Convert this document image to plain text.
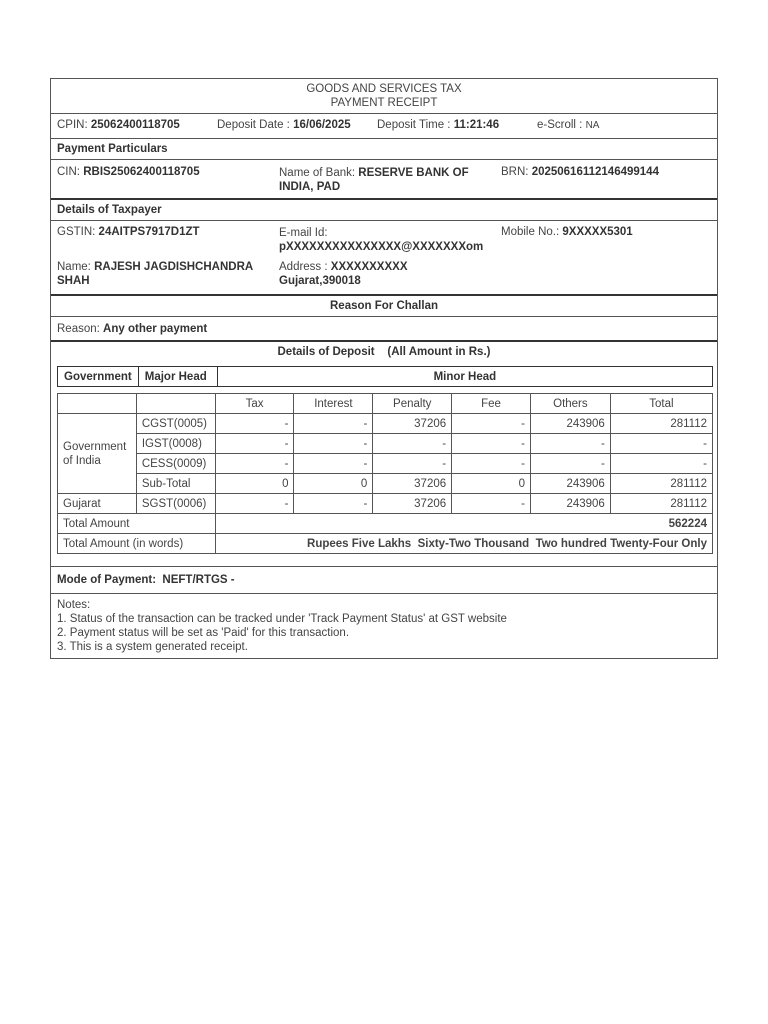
GOODS AND SERVICES TAX
PAYMENT RECEIPT
CPIN: 25062400118705	Deposit Date : 16/06/2025 Deposit Time : 11:21:46	e-Scroll : NA
Payment Particulars
CIN: RBIS25062400118705	Name of Bank: RESERVE BANK OF
INDIA, PAD
BRN: 20250616112146499144
Details of Taxpayer
GSTIN: 24AITPS7917D1ZT	E-mail Id:
pXXXXXXXXXXXXXXX@XXXXXXXom
Mobile No.: 9XXXXX5301
Name: RAJESH JAGDISHCHANDRA
SHAH
Address : XXXXXXXXXX
Gujarat,390018
Reason For Challan
Reason: Any other payment
Details of Deposit    (All Amount in Rs.)
Government	Major Head	Minor Head
		Tax	Interest	Penalty	Fee	Others	Total
Government of India	CGST(0005)	-	-	37206	-	243906	281112
	IGST(0008)	-	-	-	-	-	-
	CESS(0009)	-	-	-	-	-	-
	Sub-Total	0	0	37206	0	243906	281112
Gujarat	SGST(0006)	-	-	37206	-	243906	281112
Total Amount		562224					
Total Amount (in words)		Rupees Five Lakhs  Sixty-Two Thousand  Two hundred Twenty-Four Only					
Mode of Payment:  NEFT/RTGS -
Notes:
1. Status of the transaction can be tracked under 'Track Payment Status' at GST website
2. Payment status will be set as 'Paid' for this transaction.
3. This is a system generated receipt.
